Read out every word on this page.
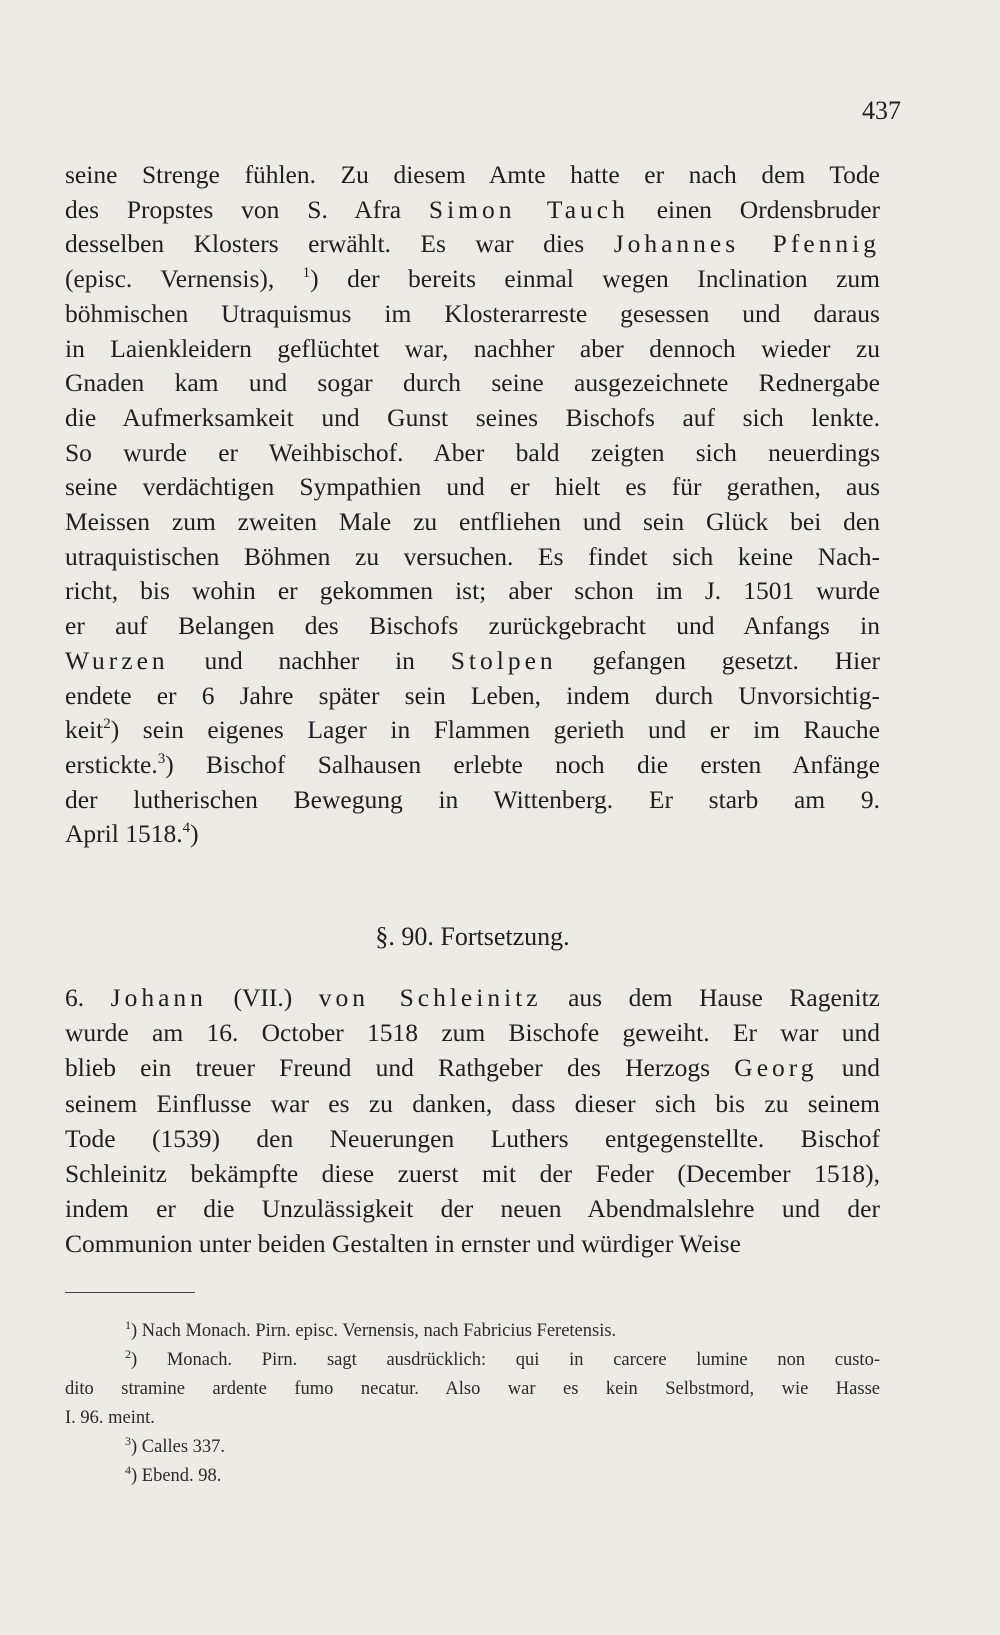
437
seine Strenge fühlen. Zu diesem Amte hatte er nach dem Tode
des Propstes von S. Afra Simon Tauch einen Ordensbruder
desselben Klosters erwählt. Es war dies Johannes Pfennig
(episc. Vernensis), $^1$) der bereits einmal wegen Inclination zum
böhmischen Utraquismus im Klosterarreste gesessen und daraus
in Laienkleidern geflüchtet war, nachher aber dennoch wieder zu
Gnaden kam und sogar durch seine ausgezeichnete Rednergabe
die Aufmerksamkeit und Gunst seines Bischofs auf sich lenkte.
So wurde er Weihbischof. Aber bald zeigten sich neuerdings
seine verdächtigen Sympathien und er hielt es für gerathen, aus
Meissen zum zweiten Male zu entfliehen und sein Glück bei den
utraquistischen Böhmen zu versuchen. Es findet sich keine Nach-
richt, bis wohin er gekommen ist; aber schon im J. 1501 wurde
er auf Belangen des Bischofs zurückgebracht und Anfangs in
Wurzen und nachher in Stolpen gefangen gesetzt. Hier
endete er 6 Jahre später sein Leben, indem durch Unvorsichtig-
keit$^2$) sein eigenes Lager in Flammen gerieth und er im Rauche
erstickte.$^3$) Bischof Salhausen erlebte noch die ersten Anfänge
der lutherischen Bewegung in Wittenberg. Er starb am 9.
April 1518.$^4$)
§. 90. Fortsetzung.
6. Johann (VII.) von Schleinitz aus dem Hause Ragenitz
wurde am 16. October 1518 zum Bischofe geweiht. Er war und
blieb ein treuer Freund und Rathgeber des Herzogs Georg und
seinem Einflusse war es zu danken, dass dieser sich bis zu seinem
Tode (1539) den Neuerungen Luthers entgegenstellte. Bischof
Schleinitz bekämpfte diese zuerst mit der Feder (December 1518),
indem er die Unzulässigkeit der neuen Abendmalslehre und der
Communion unter beiden Gestalten in ernster und würdiger Weise
$^1$) Nach Monach. Pirn. episc. Vernensis, nach Fabricius Feretensis.
$^2$) Monach. Pirn. sagt ausdrücklich: qui in carcere lumine non custo-
dito stramine ardente fumo necatur. Also war es kein Selbstmord, wie Hasse
I. 96. meint.
$^3$) Calles 337.
$^4$) Ebend. 98.
